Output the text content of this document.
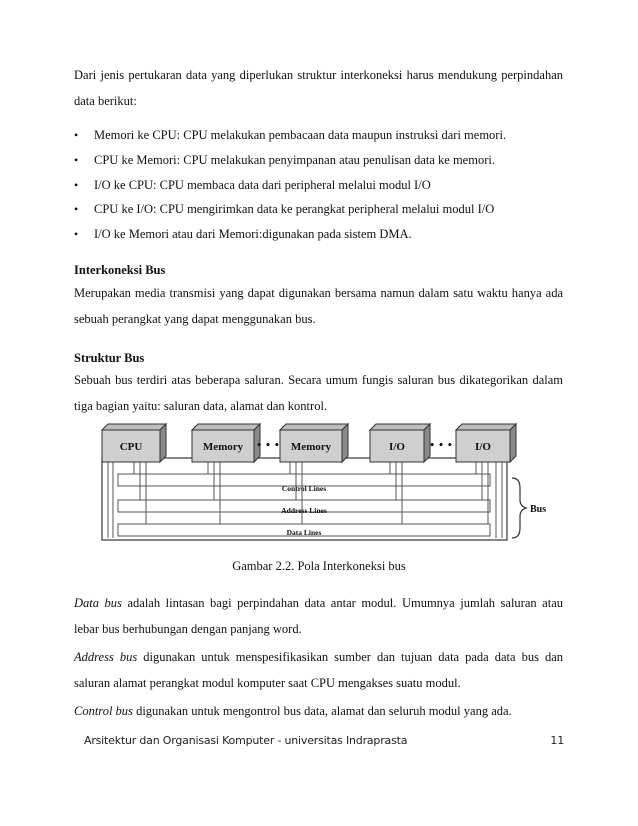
Dari jenis pertukaran data yang diperlukan struktur interkoneksi harus mendukung perpindahan
data berikut:
• Memori ke CPU: CPU melakukan pembacaan data maupun instruksi dari memori.
• CPU ke Memori: CPU melakukan penyimpanan atau penulisan data ke memori.
• I/O ke CPU: CPU membaca data dari peripheral melalui modul I/O
• CPU ke I/O: CPU mengirimkan data ke perangkat peripheral melalui modul I/O
• I/O ke Memori atau dari Memori:digunakan pada sistem DMA.
Interkoneksi Bus
Merupakan media transmisi yang dapat digunakan bersama namun dalam satu waktu hanya ada
sebuah perangkat yang dapat menggunakan bus.
Struktur Bus
Sebuah bus terdiri atas beberapa saluran. Secara umum fungis saluran bus dikategorikan dalam
tiga bagian yaitu: saluran data, alamat dan kontrol.
CPU	Memory	Memory	I/O	I/O
• • •	• • •
Control Lines
Address Lines
Data Lines
Bus
Gambar 2.2. Pola Interkoneksi bus
Data bus adalah lintasan bagi perpindahan data antar modul. Umumnya jumlah saluran atau
lebar bus berhubungan dengan panjang word.
Address bus digunakan untuk menspesifikasikan sumber dan tujuan data pada data bus dan
saluran alamat perangkat modul komputer saat CPU mengakses suatu modul.
Control bus digunakan untuk mengontrol bus data, alamat dan seluruh modul yang ada.
Arsitektur dan Organisasi Komputer - universitas Indraprasta	11
